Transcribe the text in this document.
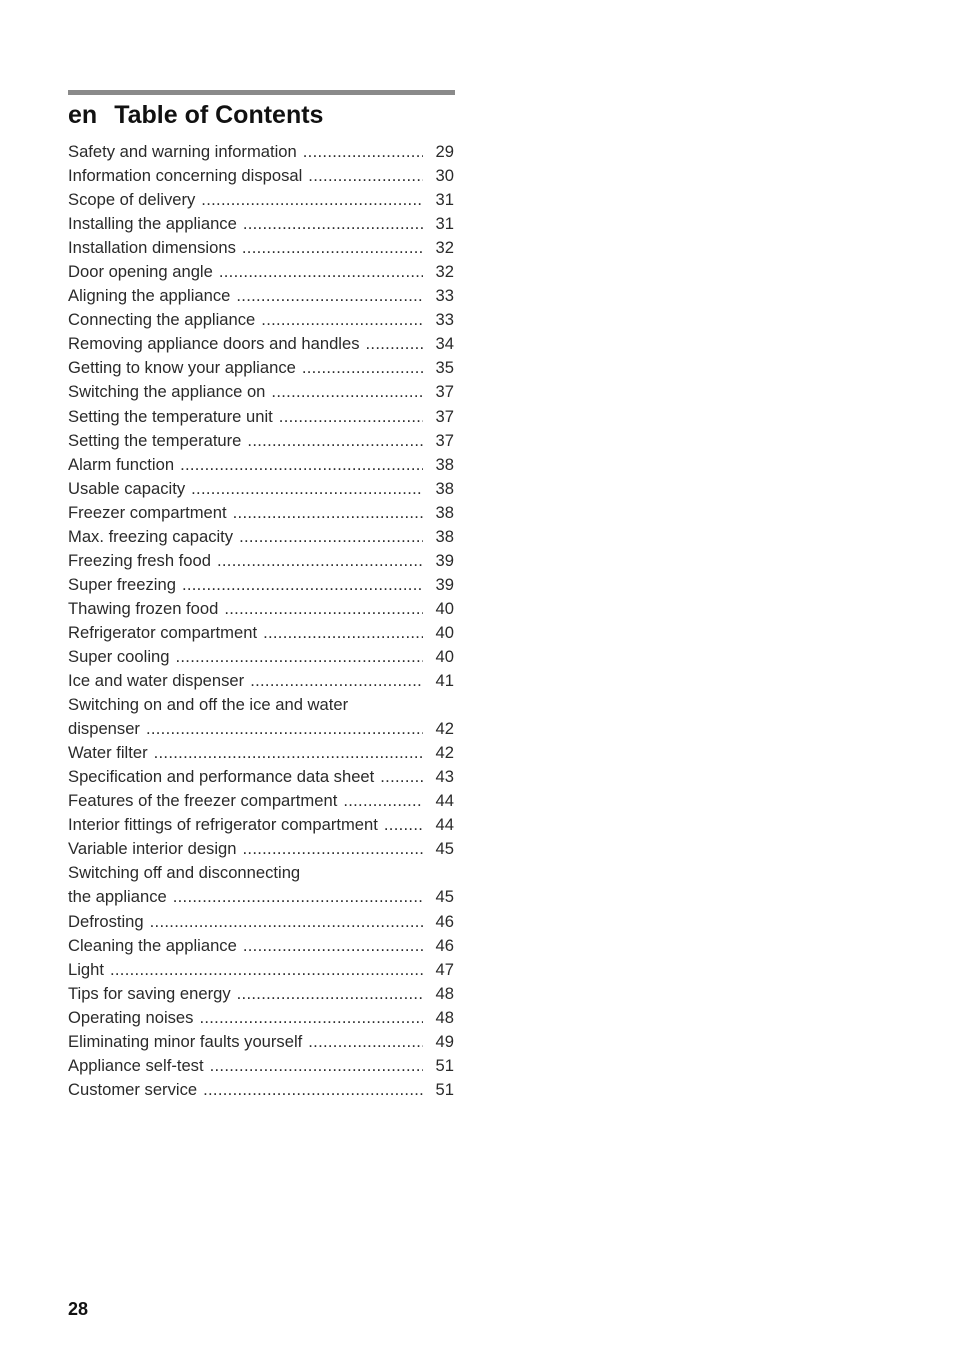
en Table of Contents
Safety and warning information .....	29
Information concerning disposal .....	30
Scope of delivery .....	31
Installing the appliance .....	31
Installation dimensions .....	32
Door opening angle .....	32
Aligning the appliance .....	33
Connecting the appliance .....	33
Removing appliance doors and handles .....	34
Getting to know your appliance .....	35
Switching the appliance on .....	37
Setting the temperature unit .....	37
Setting the temperature .....	37
Alarm function .....	38
Usable capacity .....	38
Freezer compartment .....	38
Max. freezing capacity .....	38
Freezing fresh food .....	39
Super freezing .....	39
Thawing frozen food .....	40
Refrigerator compartment .....	40
Super cooling .....	40
Ice and water dispenser .....	41
Switching on and off the ice and water
dispenser .....	42
Water filter .....	42
Specification and performance data sheet .....	43
Features of the freezer compartment .....	44
Interior fittings of refrigerator compartment .....	44
Variable interior design .....	45
Switching off and disconnecting
the appliance .....	45
Defrosting .....	46
Cleaning the appliance .....	46
Light .....	47
Tips for saving energy .....	48
Operating noises .....	48
Eliminating minor faults yourself .....	49
Appliance self-test .....	51
Customer service .....	51
28
